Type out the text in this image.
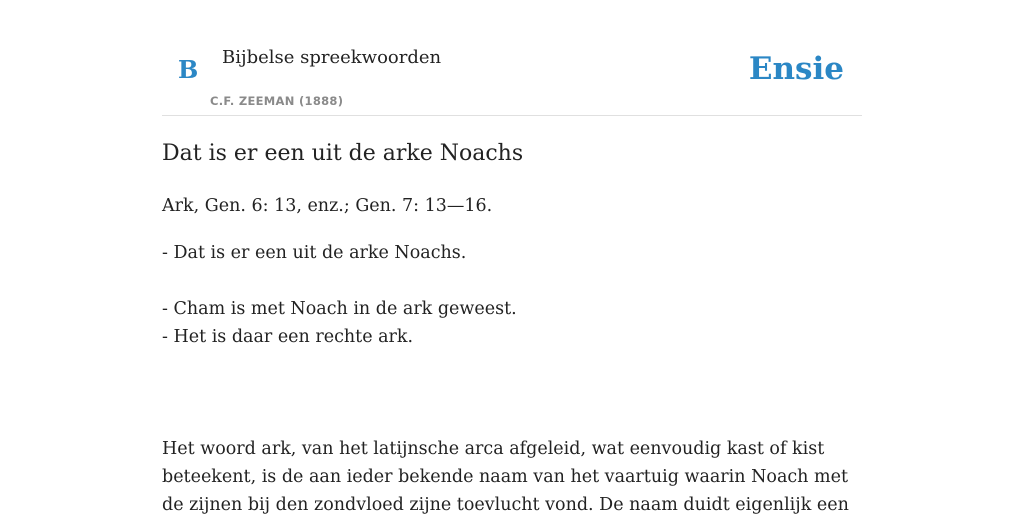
B Bijbelse spreekwoorden
C.F. ZEEMAN (1888)
Ensie
Dat is er een uit de arke Noachs

Ark, Gen. 6: 13, enz.; Gen. 7: 13—16.

- Dat is er een uit de arke Noachs.

- Cham is met Noach in de ark geweest.

- Het is daar een rechte ark.

Het woord ark, van het latijnsche arca afgeleid, wat eenvoudig kast of kist beteekent, is de aan ieder bekende naam van het vaartuig waarin Noach met de zijnen bij den zondvloed zijne toevlucht vond. De naam duidt eigenlijk een
